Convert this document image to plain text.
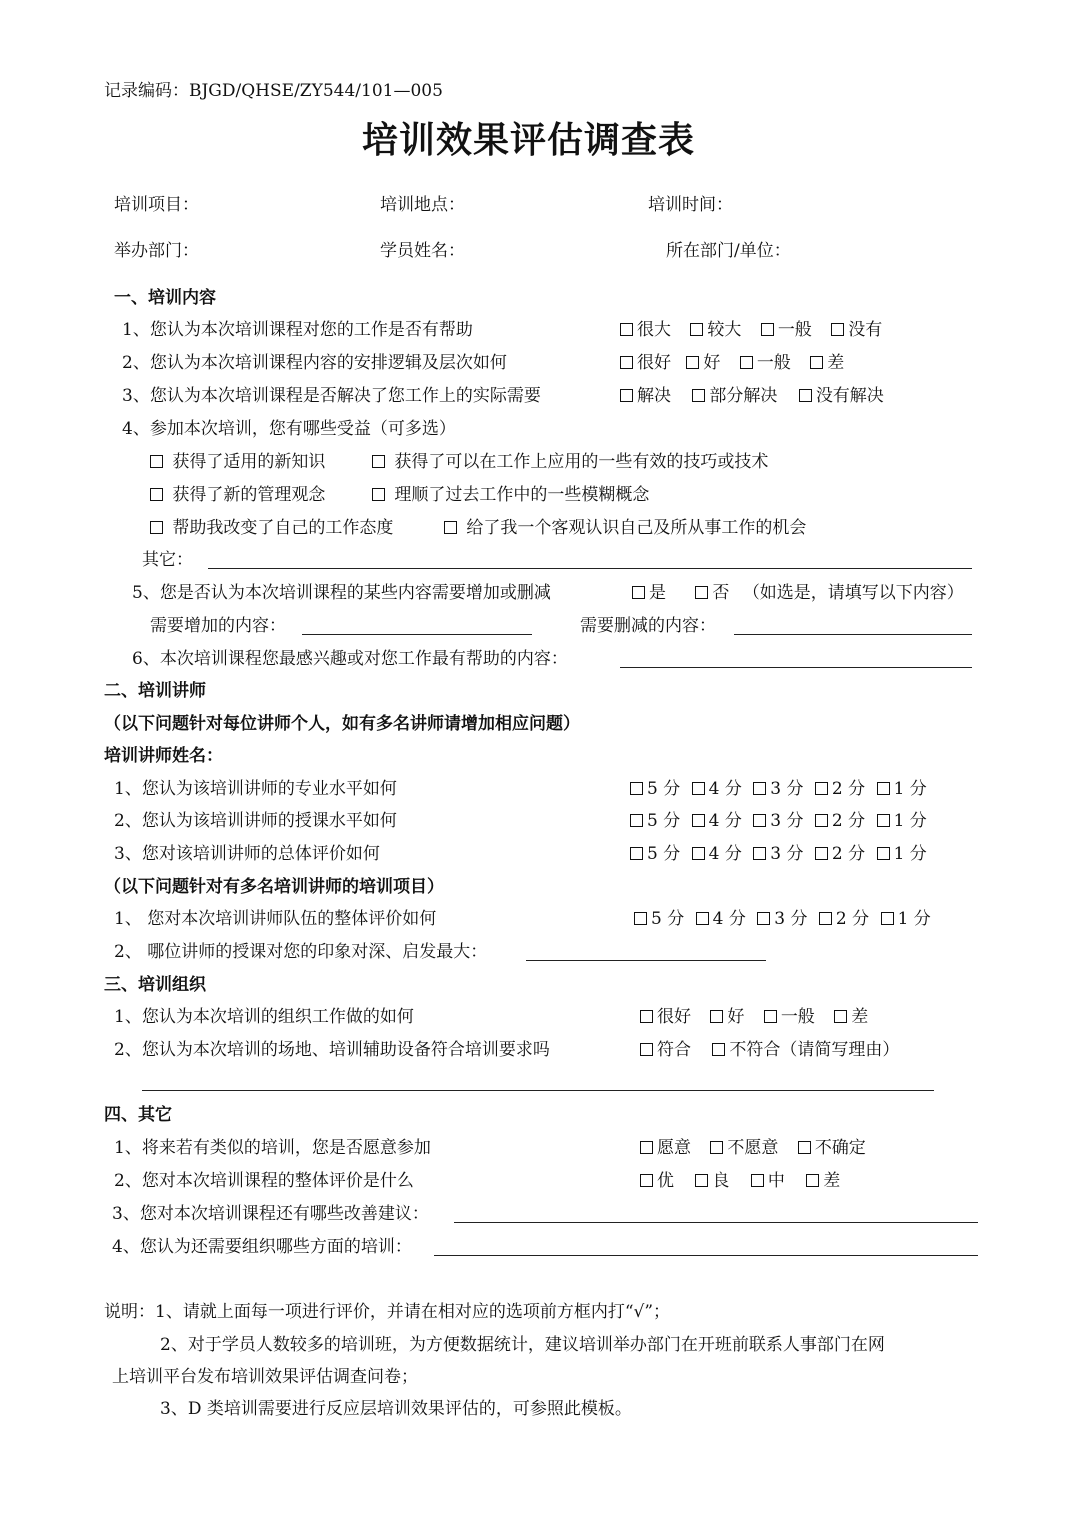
记录编码：BJGD/QHSE/ZY544/101—005
培训效果评估调查表
培训项目：	培训地点：	培训时间：
举办部门：	学员姓名：	所在部门/单位：
一、培训内容
1、您认为本次培训课程对您的工作是否有帮助	很大 较大 一般 没有
2、您认为本次培训课程内容的安排逻辑及层次如何	很好 好 一般 差
3、您认为本次培训课程是否解决了您工作上的实际需要	解决 部分解决 没有解决
4、参加本次培训，您有哪些受益（可多选）
获得了适用的新知识	获得了可以在工作上应用的一些有效的技巧或技术
获得了新的管理观念	理顺了过去工作中的一些模糊概念
帮助我改变了自己的工作态度	给了我一个客观认识自己及所从事工作的机会
其它：
5、您是否认为本次培训课程的某些内容需要增加或删减	是	否 （如选是，请填写以下内容）
需要增加的内容：	需要删减的内容：
6、本次培训课程您最感兴趣或对您工作最有帮助的内容：
二、培训讲师
（以下问题针对每位讲师个人，如有多名讲师请增加相应问题）
培训讲师姓名：
1、您认为该培训讲师的专业水平如何	5 分 4 分 3 分 2 分 1 分
2、您认为该培训讲师的授课水平如何	5 分 4 分 3 分 2 分 1 分
3、您对该培训讲师的总体评价如何	5 分 4 分 3 分 2 分 1 分
（以下问题针对有多名培训讲师的培训项目）
1、 您对本次培训讲师队伍的整体评价如何	5 分 4 分 3 分 2 分 1 分
2、 哪位讲师的授课对您的印象对深、启发最大：
三、培训组织
1、您认为本次培训的组织工作做的如何	很好 好 一般 差
2、您认为本次培训的场地、培训辅助设备符合培训要求吗	符合 不符合（请简写理由）
四、其它
1、将来若有类似的培训，您是否愿意参加	愿意 不愿意 不确定
2、您对本次培训课程的整体评价是什么	优 良 中 差
3、您对本次培训课程还有哪些改善建议：
4、您认为还需要组织哪些方面的培训：
说明：1、请就上面每一项进行评价，并请在相对应的选项前方框内打“√”；
2、对于学员人数较多的培训班，为方便数据统计，建议培训举办部门在开班前联系人事部门在网
上培训平台发布培训效果评估调查问卷；
3、D 类培训需要进行反应层培训效果评估的，可参照此模板。
